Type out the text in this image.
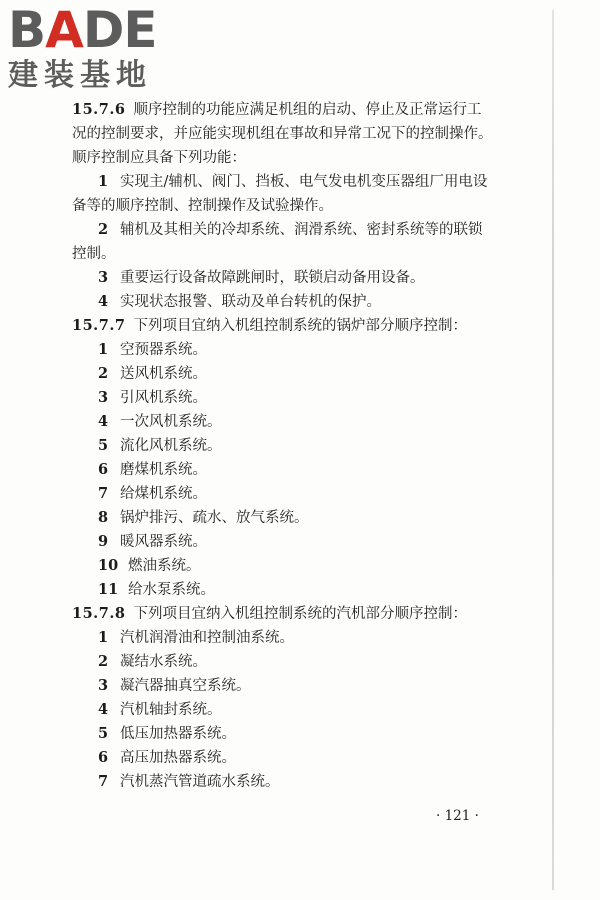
BADE
建装基地
15.7.6 顺序控制的功能应满足机组的启动、停止及正常运行工
况的控制要求，并应能实现机组在事故和异常工况下的控制操作。
顺序控制应具备下列功能：
1 实现主/辅机、阀门、挡板、电气发电机变压器组厂用电设
备等的顺序控制、控制操作及试验操作。
2 辅机及其相关的冷却系统、润滑系统、密封系统等的联锁
控制。
3 重要运行设备故障跳闸时，联锁启动备用设备。
4 实现状态报警、联动及单台转机的保护。
15.7.7 下列项目宜纳入机组控制系统的锅炉部分顺序控制：
1 空预器系统。
2 送风机系统。
3 引风机系统。
4 一次风机系统。
5 流化风机系统。
6 磨煤机系统。
7 给煤机系统。
8 锅炉排污、疏水、放气系统。
9 暖风器系统。
10 燃油系统。
11 给水泵系统。
15.7.8 下列项目宜纳入机组控制系统的汽机部分顺序控制：
1 汽机润滑油和控制油系统。
2 凝结水系统。
3 凝汽器抽真空系统。
4 汽机轴封系统。
5 低压加热器系统。
6 高压加热器系统。
7 汽机蒸汽管道疏水系统。
· 121 ·
